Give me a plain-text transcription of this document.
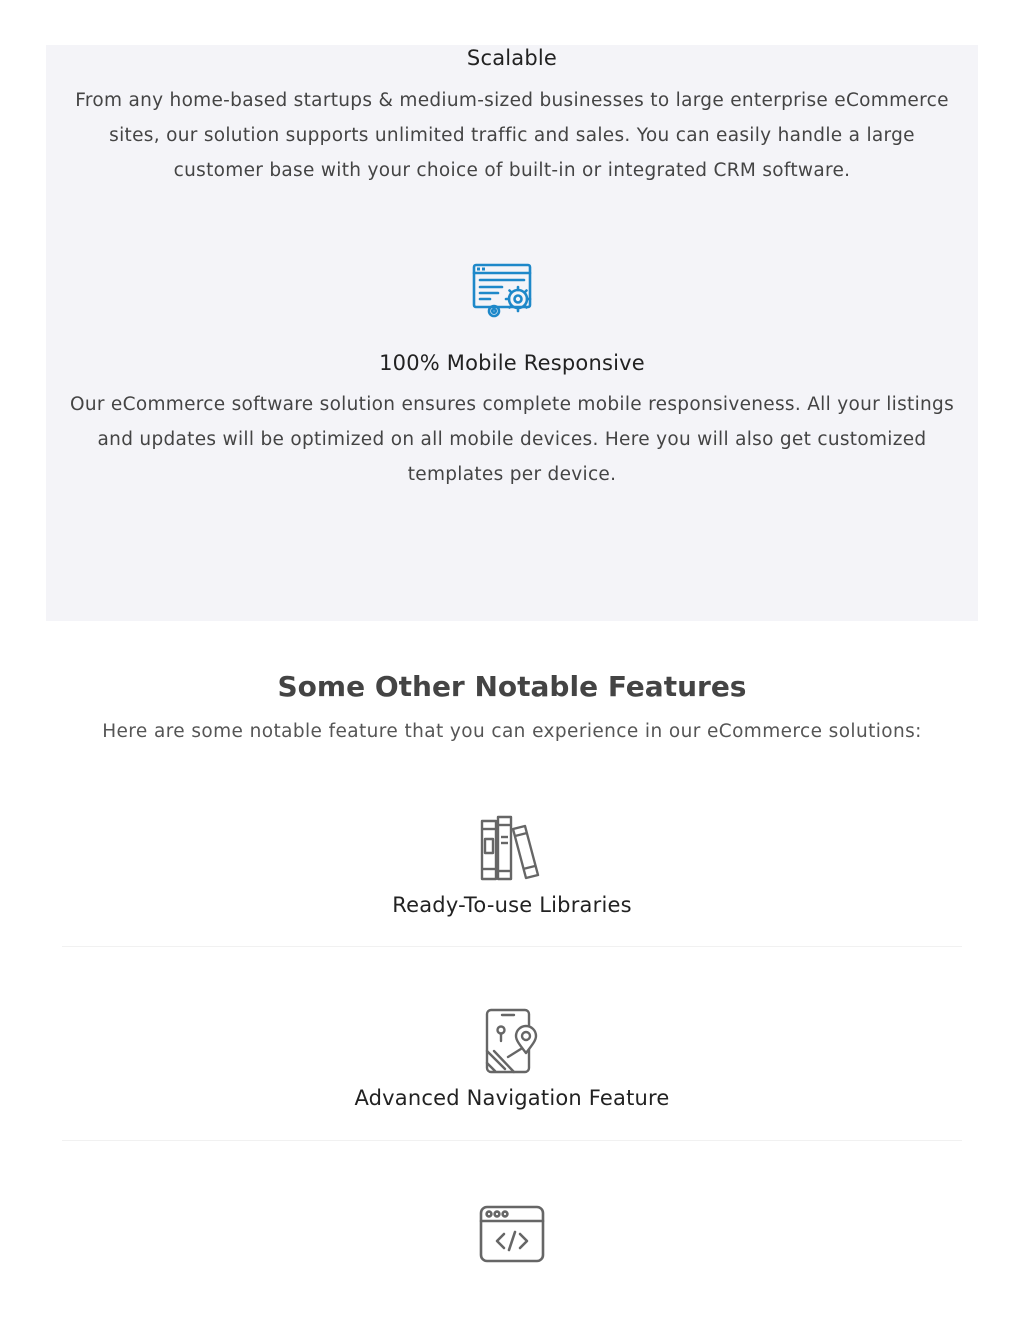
Scalable
From any home-based startups & medium-sized businesses to large enterprise eCommerce sites, our solution supports unlimited traffic and sales. You can easily handle a large customer base with your choice of built-in or integrated CRM software.
100% Mobile Responsive
Our eCommerce software solution ensures complete mobile responsiveness. All your listings and updates will be optimized on all mobile devices. Here you will also get customized templates per device.
Some Other Notable Features
Here are some notable feature that you can experience in our eCommerce solutions:
Ready-To-use Libraries
Advanced Navigation Feature
